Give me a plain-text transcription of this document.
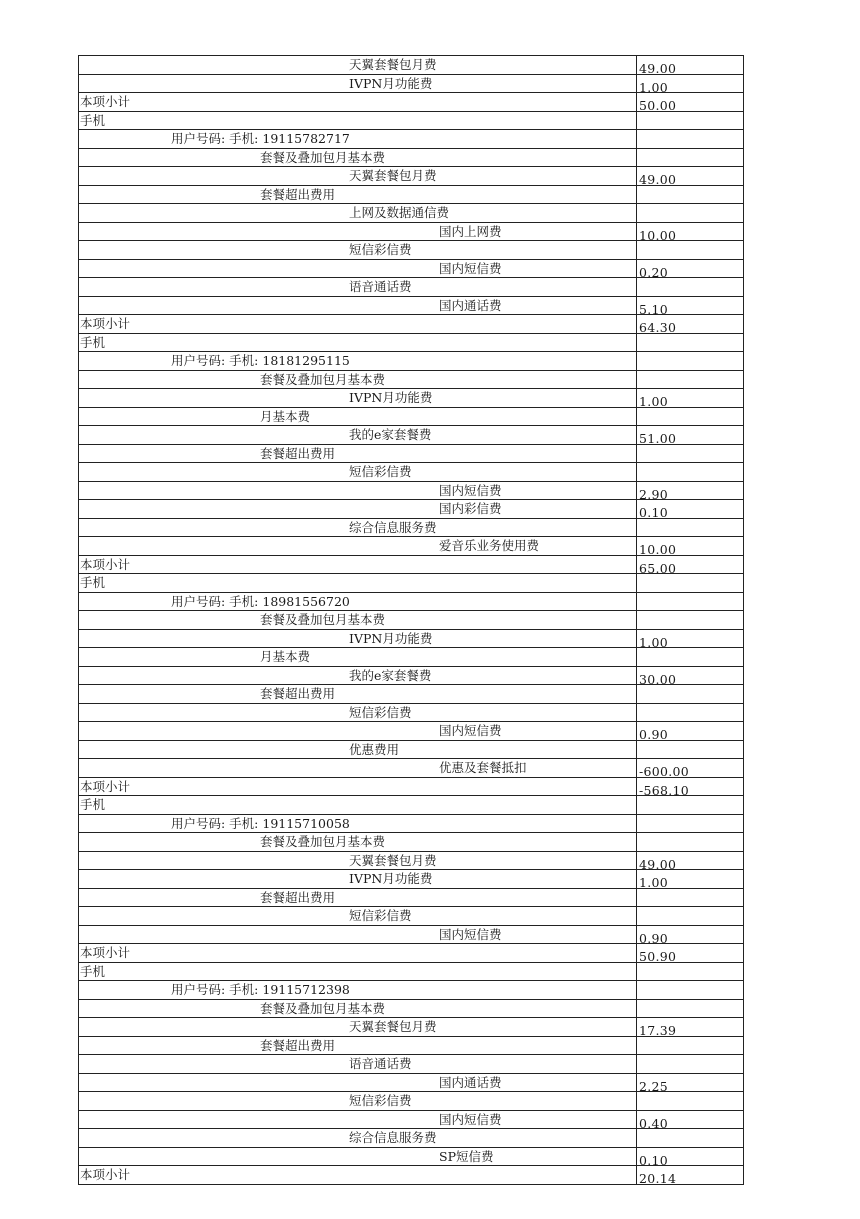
天翼套餐包月费	49.00
IVPN月功能费	1.00
本项小计	50.00
手机
用户号码: 手机: 19115782717
套餐及叠加包月基本费
天翼套餐包月费	49.00
套餐超出费用
上网及数据通信费
国内上网费	10.00
短信彩信费
国内短信费	0.20
语音通话费
国内通话费	5.10
本项小计	64.30
手机
用户号码: 手机: 18181295115
套餐及叠加包月基本费
IVPN月功能费	1.00
月基本费
我的e家套餐费	51.00
套餐超出费用
短信彩信费
国内短信费	2.90
国内彩信费	0.10
综合信息服务费
爱音乐业务使用费	10.00
本项小计	65.00
手机
用户号码: 手机: 18981556720
套餐及叠加包月基本费
IVPN月功能费	1.00
月基本费
我的e家套餐费	30.00
套餐超出费用
短信彩信费
国内短信费	0.90
优惠费用
优惠及套餐抵扣	-600.00
本项小计	-568.10
手机
用户号码: 手机: 19115710058
套餐及叠加包月基本费
天翼套餐包月费	49.00
IVPN月功能费	1.00
套餐超出费用
短信彩信费
国内短信费	0.90
本项小计	50.90
手机
用户号码: 手机: 19115712398
套餐及叠加包月基本费
天翼套餐包月费	17.39
套餐超出费用
语音通话费
国内通话费	2.25
短信彩信费
国内短信费	0.40
综合信息服务费
SP短信费	0.10
本项小计	20.14
